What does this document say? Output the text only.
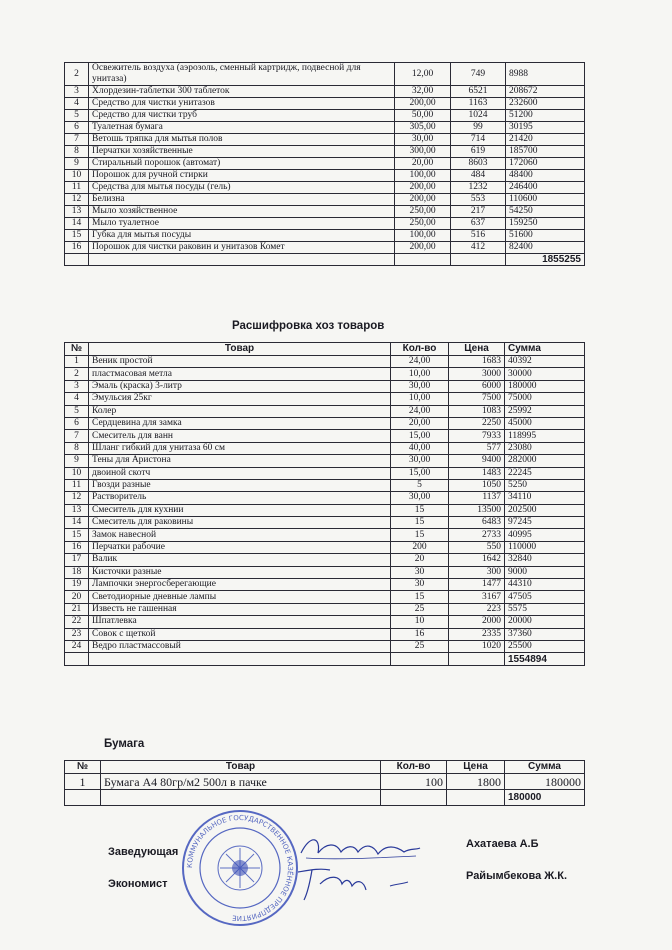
2	Освежитель воздуха (аэрозоль, сменный картридж, подвесной для унитаза)	12,00	749	8988
3	Хлордезин-таблетки 300 таблеток	32,00	6521	208672
4	Средство для чистки унитазов	200,00	1163	232600
5	Средство для чистки труб	50,00	1024	51200
6	Туалетная бумага	305,00	99	30195
7	Ветошь тряпка для мытья полов	30,00	714	21420
8	Перчатки хозяйственные	300,00	619	185700
9	Стиральный порошок (автомат)	20,00	8603	172060
10	Порошок для ручной стирки	100,00	484	48400
11	Средства для мытья посуды (гель)	200,00	1232	246400
12	Белизна	200,00	553	110600
13	Мыло хозяйственное	250,00	217	54250
14	Мыло туалетное	250,00	637	159250
15	Губка для мытья посуды	100,00	516	51600
16	Порошок для чистки раковин и унитазов Комет	200,00	412	82400
				1855255
Расшифровка хоз товаров
№	Товар	Кол-во	Цена	Сумма
1	Веник простой	24,00	1683	40392
2	пластмасовая метла	10,00	3000	30000
3	Эмаль (краска) 3-литр	30,00	6000	180000
4	Эмульсия 25кг	10,00	7500	75000
5	Колер	24,00	1083	25992
6	Сердцевина для замка	20,00	2250	45000
7	Смеситель для ванн	15,00	7933	118995
8	Шланг гибкий для унитаза 60 см	40,00	577	23080
9	Тены для Аристона	30,00	9400	282000
10	двоиной скотч	15,00	1483	22245
11	Гвозди разные	5	1050	5250
12	Растворитель	30,00	1137	34110
13	Смеситель для кухнии	15	13500	202500
14	Смеситель для раковины	15	6483	97245
15	Замок навесной	15	2733	40995
16	Перчатки рабочие	200	550	110000
17	Валик	20	1642	32840
18	Кисточки разные	30	300	9000
19	Лампочки энергосберегающие	30	1477	44310
20	Светодиорные дневные лампы	15	3167	47505
21	Известь не гашенная	25	223	5575
22	Шпатлевка	10	2000	20000
23	Совок с щеткой	16	2335	37360
24	Ведро пластмассовый	25	1020	25500
				1554894
Бумага
№	Товар	Кол-во	Цена	Сумма
1	Бумага А4 80гр/м2 500л в пачке	100	1800	180000
				180000
КОММУНАЛЬНОЕ ГОСУДАРСТВЕННОЕ КАЗЁННОЕ ПРЕДПРИЯТИЕ
Заведующая
Ахатаева А.Б
Экономист
Райымбекова Ж.К.
